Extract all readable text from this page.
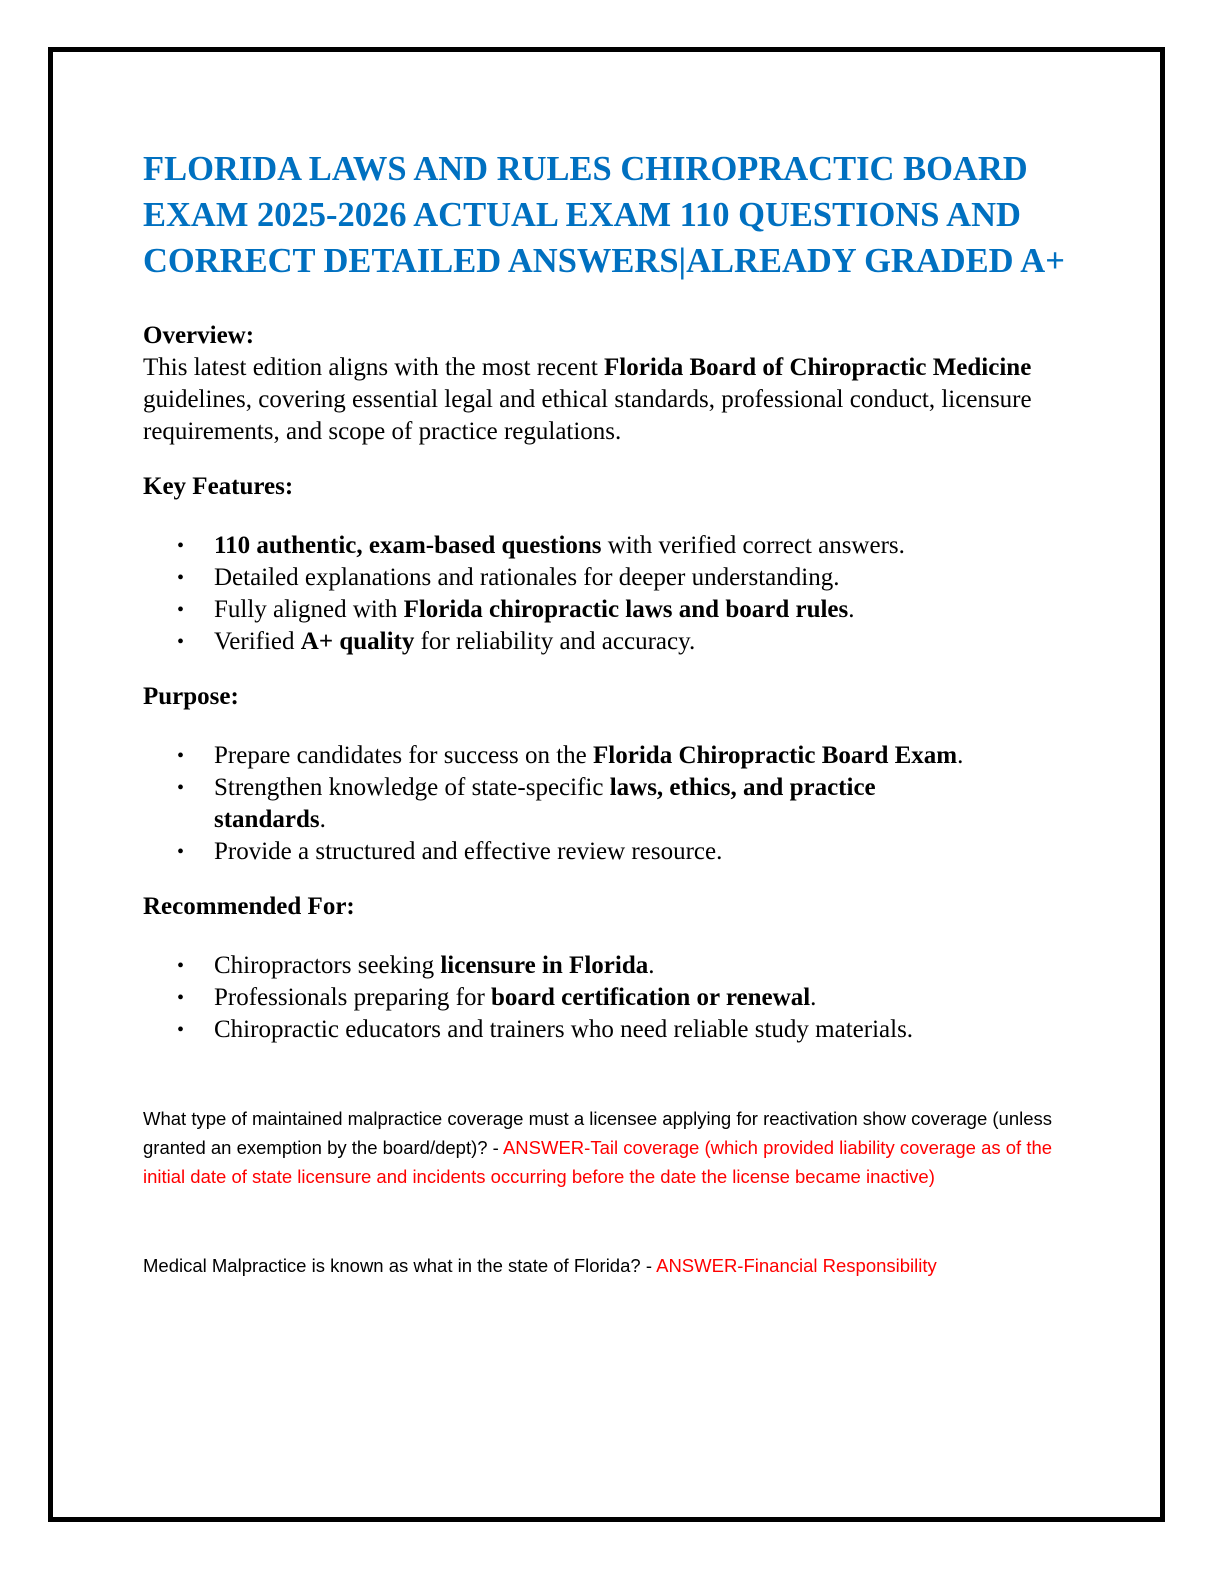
FLORIDA LAWS AND RULES CHIROPRACTIC BOARD EXAM 2025-2026 ACTUAL EXAM 110 QUESTIONS AND CORRECT DETAILED ANSWERS|ALREADY GRADED A+
Overview:
This latest edition aligns with the most recent Florida Board of Chiropractic Medicine guidelines, covering essential legal and ethical standards, professional conduct, licensure requirements, and scope of practice regulations.
Key Features:
• 110 authentic, exam-based questions with verified correct answers.
• Detailed explanations and rationales for deeper understanding.
• Fully aligned with Florida chiropractic laws and board rules.
• Verified A+ quality for reliability and accuracy.
Purpose:
• Prepare candidates for success on the Florida Chiropractic Board Exam.
• Strengthen knowledge of state-specific laws, ethics, and practice standards.
• Provide a structured and effective review resource.
Recommended For:
• Chiropractors seeking licensure in Florida.
• Professionals preparing for board certification or renewal.
• Chiropractic educators and trainers who need reliable study materials.
What type of maintained malpractice coverage must a licensee applying for reactivation show coverage (unless granted an exemption by the board/dept)? - ANSWER-Tail coverage (which provided liability coverage as of the initial date of state licensure and incidents occurring before the date the license became inactive)
Medical Malpractice is known as what in the state of Florida? - ANSWER-Financial Responsibility
